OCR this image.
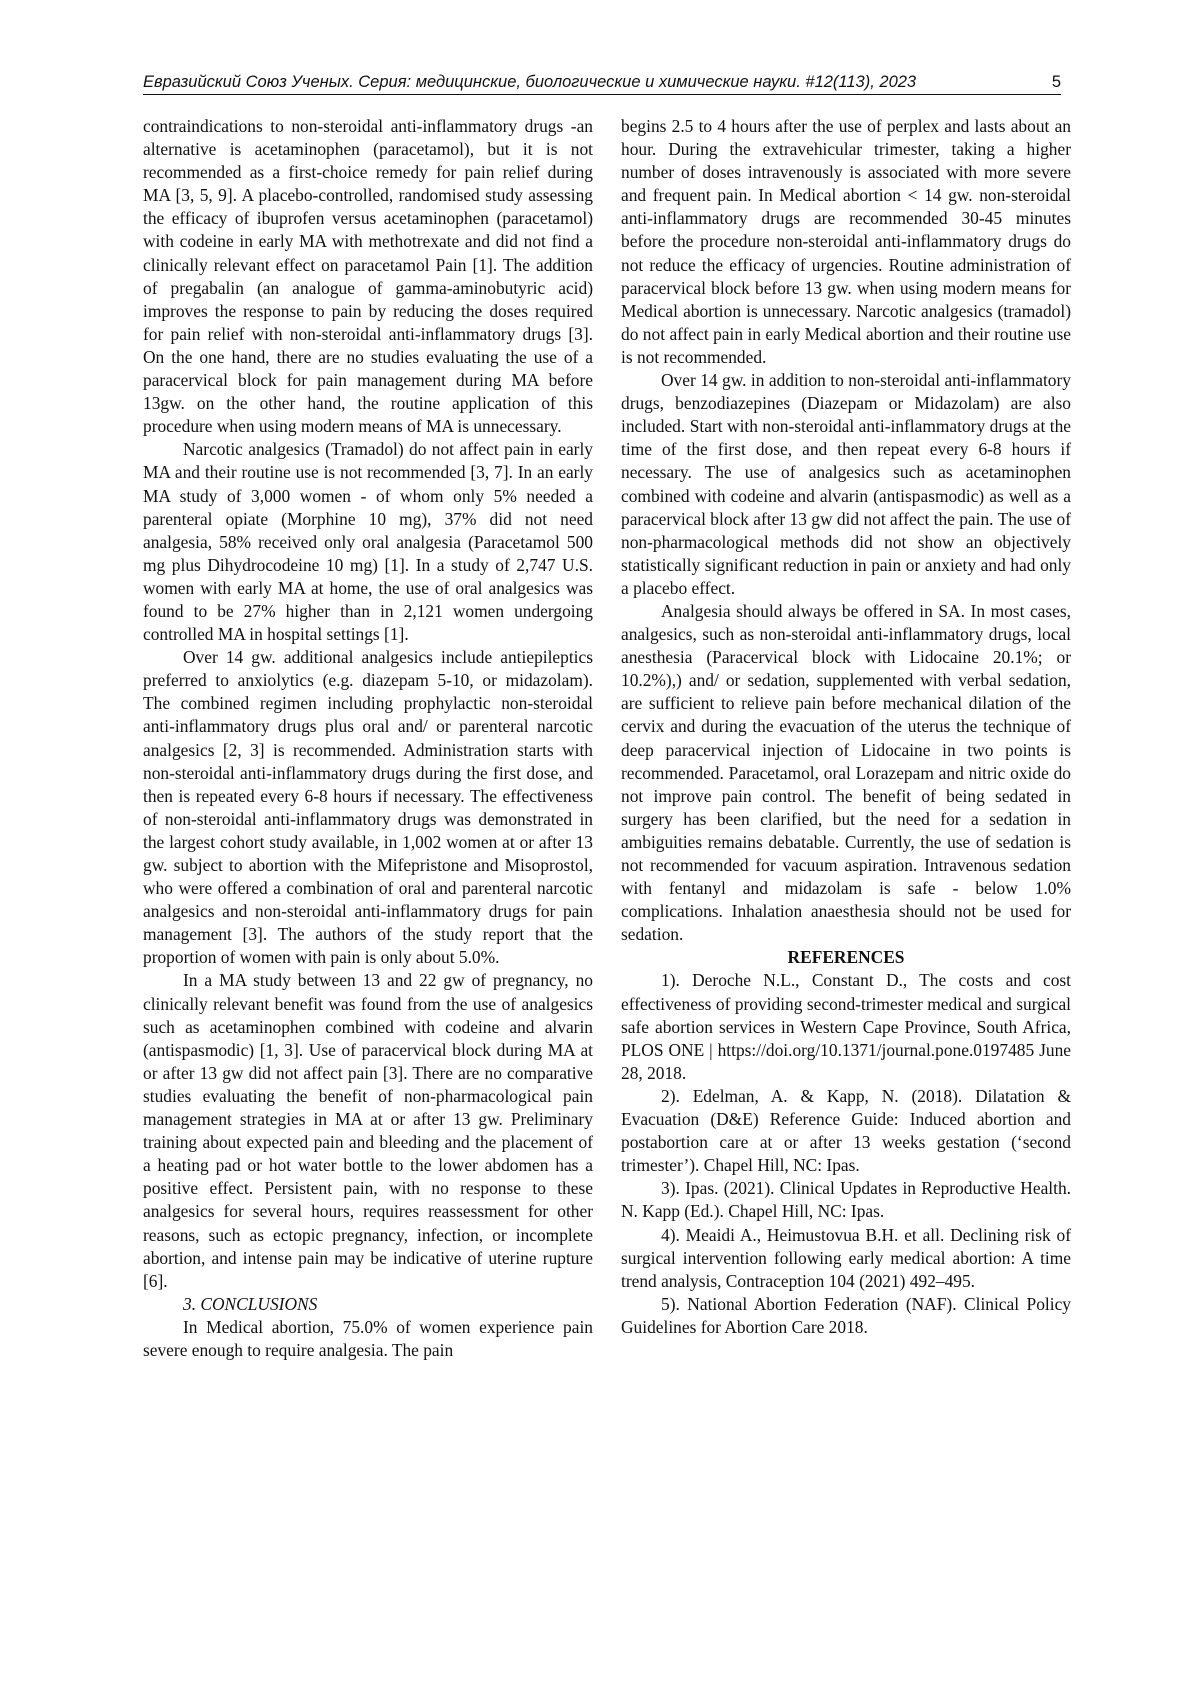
Евразийский Союз Ученых. Серия: медицинские, биологические и химические науки. #12(113), 2023	5

contraindications to non-steroidal anti-inflammatory drugs -an alternative is acetaminophen (paracetamol), but it is not recommended as a first-choice remedy for pain relief during MA [3, 5, 9]. A placebo-controlled, randomised study assessing the efficacy of ibuprofen versus acetaminophen (paracetamol) with codeine in early MA with methotrexate and did not find a clinically relevant effect on paracetamol Pain [1]. The addition of pregabalin (an analogue of gamma-aminobutyric acid) improves the response to pain by reducing the doses required for pain relief with non-steroidal anti-inflammatory drugs [3]. On the one hand, there are no studies evaluating the use of a paracervical block for pain management during MA before 13gw. on the other hand, the routine application of this procedure when using modern means of MA is unnecessary.

Narcotic analgesics (Tramadol) do not affect pain in early MA and their routine use is not recommended [3, 7]. In an early MA study of 3,000 women - of whom only 5% needed a parenteral opiate (Morphine 10 mg), 37% did not need analgesia, 58% received only oral analgesia (Paracetamol 500 mg plus Dihydrocodeine 10 mg) [1]. In a study of 2,747 U.S. women with early MA at home, the use of oral analgesics was found to be 27% higher than in 2,121 women undergoing controlled MA in hospital settings [1].

Over 14 gw. additional analgesics include antiepileptics preferred to anxiolytics (e.g. diazepam 5-10, or midazolam). The combined regimen including prophylactic non-steroidal anti-inflammatory drugs plus oral and/ or parenteral narcotic analgesics [2, 3] is recommended. Administration starts with non-steroidal anti-inflammatory drugs during the first dose, and then is repeated every 6-8 hours if necessary. The effectiveness of non-steroidal anti-inflammatory drugs was demonstrated in the largest cohort study available, in 1,002 women at or after 13 gw. subject to abortion with the Mifepristone and Misoprostol, who were offered a combination of oral and parenteral narcotic analgesics and non-steroidal anti-inflammatory drugs for pain management [3]. The authors of the study report that the proportion of women with pain is only about 5.0%.

In a MA study between 13 and 22 gw of pregnancy, no clinically relevant benefit was found from the use of analgesics such as acetaminophen combined with codeine and alvarin (antispasmodic) [1, 3]. Use of paracervical block during MA at or after 13 gw did not affect pain [3]. There are no comparative studies evaluating the benefit of non-pharmacological pain management strategies in MA at or after 13 gw. Preliminary training about expected pain and bleeding and the placement of a heating pad or hot water bottle to the lower abdomen has a positive effect. Persistent pain, with no response to these analgesics for several hours, requires reassessment for other reasons, such as ectopic pregnancy, infection, or incomplete abortion, and intense pain may be indicative of uterine rupture [6].

3. CONCLUSIONS

In Medical abortion, 75.0% of women experience pain severe enough to require analgesia. The pain

begins 2.5 to 4 hours after the use of perplex and lasts about an hour. During the extravehicular trimester, taking a higher number of doses intravenously is associated with more severe and frequent pain. In Medical abortion < 14 gw. non-steroidal anti-inflammatory drugs are recommended 30-45 minutes before the procedure non-steroidal anti-inflammatory drugs do not reduce the efficacy of urgencies. Routine administration of paracervical block before 13 gw. when using modern means for Medical abortion is unnecessary. Narcotic analgesics (tramadol) do not affect pain in early Medical abortion and their routine use is not recommended.

Over 14 gw. in addition to non-steroidal anti-inflammatory drugs, benzodiazepines (Diazepam or Midazolam) are also included. Start with non-steroidal anti-inflammatory drugs at the time of the first dose, and then repeat every 6-8 hours if necessary. The use of analgesics such as acetaminophen combined with codeine and alvarin (antispasmodic) as well as a paracervical block after 13 gw did not affect the pain. The use of non-pharmacological methods did not show an objectively statistically significant reduction in pain or anxiety and had only a placebo effect.

Analgesia should always be offered in SA. In most cases, analgesics, such as non-steroidal anti-inflammatory drugs, local anesthesia (Paracervical block with Lidocaine 20.1%; or 10.2%),) and/ or sedation, supplemented with verbal sedation, are sufficient to relieve pain before mechanical dilation of the cervix and during the evacuation of the uterus the technique of deep paracervical injection of Lidocaine in two points is recommended. Paracetamol, oral Lorazepam and nitric oxide do not improve pain control. The benefit of being sedated in surgery has been clarified, but the need for a sedation in ambiguities remains debatable. Currently, the use of sedation is not recommended for vacuum aspiration. Intravenous sedation with fentanyl and midazolam is safe - below 1.0% complications. Inhalation anaesthesia should not be used for sedation.

REFERENCES

1). Deroche N.L., Constant D., The costs and cost effectiveness of providing second-trimester medical and surgical safe abortion services in Western Cape Province, South Africa, PLOS ONE | https://doi.org/10.1371/journal.pone.0197485 June 28, 2018.

2). Edelman, A. & Kapp, N. (2018). Dilatation & Evacuation (D&E) Reference Guide: Induced abortion and postabortion care at or after 13 weeks gestation (‘second trimester’). Chapel Hill, NC: Ipas.

3). Ipas. (2021). Clinical Updates in Reproductive Health. N. Kapp (Ed.). Chapel Hill, NC: Ipas.

4). Meaidi A., Heimustovua B.H. et all. Declining risk of surgical intervention following early medical abortion: A time trend analysis, Contraception 104 (2021) 492–495.

5). National Abortion Federation (NAF). Clinical Policy Guidelines for Abortion Care 2018.
